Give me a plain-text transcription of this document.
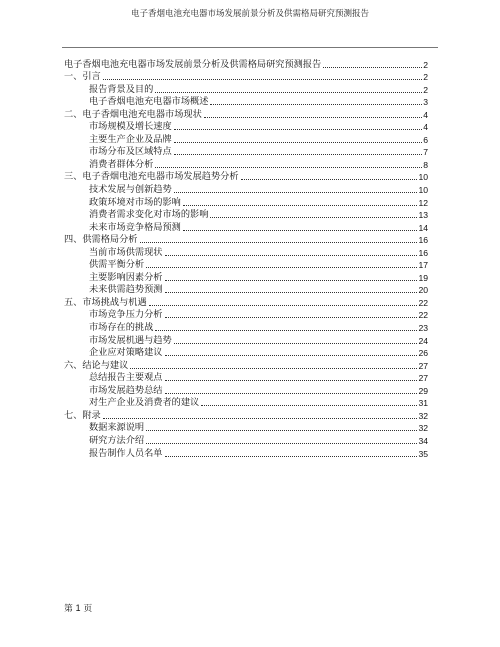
电子香烟电池充电器市场发展前景分析及供需格局研究预测报告
电子香烟电池充电器市场发展前景分析及供需格局研究预测报告	2
一、引言	2
报告背景及目的	2
电子香烟电池充电器市场概述	3
二、电子香烟电池充电器市场现状	4
市场规模及增长速度	4
主要生产企业及品牌	6
市场分布及区域特点	7
消费者群体分析	8
三、电子香烟电池充电器市场发展趋势分析	10
技术发展与创新趋势	10
政策环境对市场的影响	12
消费者需求变化对市场的影响	13
未来市场竞争格局预测	14
四、供需格局分析	16
当前市场供需现状	16
供需平衡分析	17
主要影响因素分析	19
未来供需趋势预测	20
五、市场挑战与机遇	22
市场竞争压力分析	22
市场存在的挑战	23
市场发展机遇与趋势	24
企业应对策略建议	26
六、结论与建议	27
总结报告主要观点	27
市场发展趋势总结	29
对生产企业及消费者的建议	31
七、附录	32
数据来源说明	32
研究方法介绍	34
报告制作人员名单	35
第 1 页
